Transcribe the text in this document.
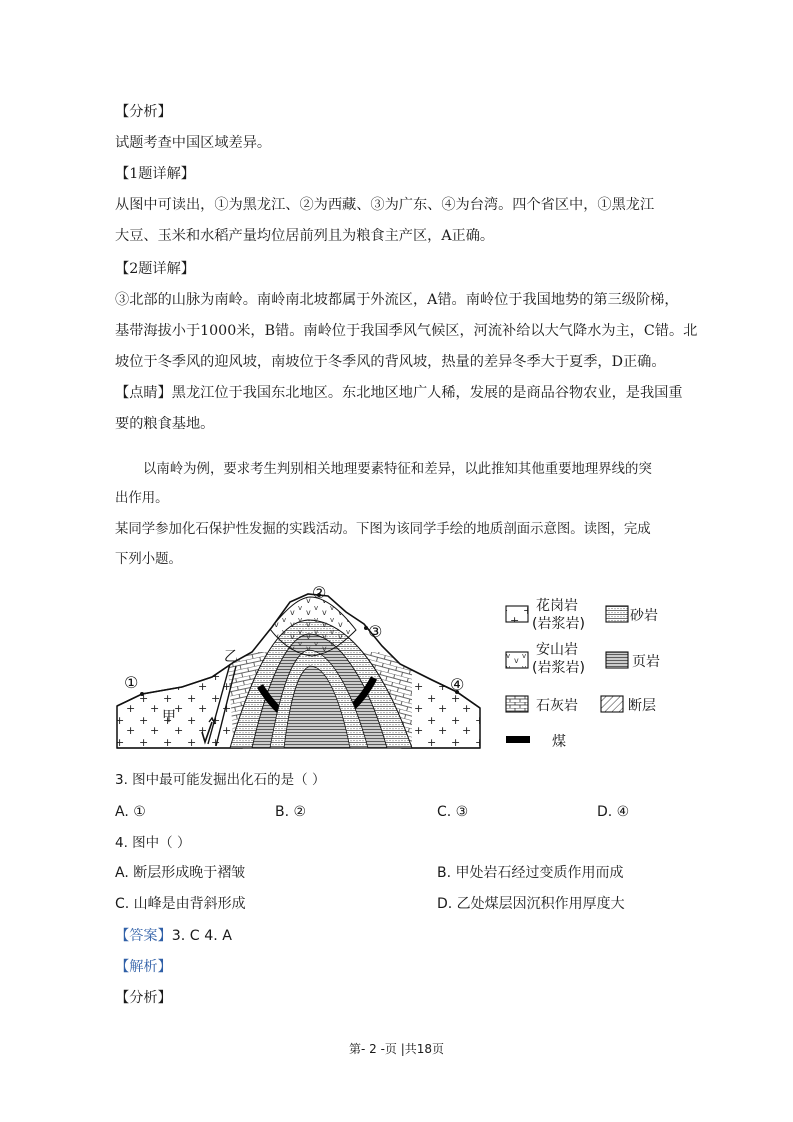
【分析】
试题考查中国区域差异。
【1题详解】
从图中可读出，①为黑龙江、②为西藏、③为广东、④为台湾。四个省区中，①黑龙江
大豆、玉米和水稻产量均位居前列且为粮食主产区，A正确。
【2题详解】
③北部的山脉为南岭。南岭南北坡都属于外流区，A错。南岭位于我国地势的第三级阶梯，
基带海拔小于1000米，B错。南岭位于我国季风气候区，河流补给以大气降水为主，C错。北
坡位于冬季风的迎风坡，南坡位于冬季风的背风坡，热量的差异冬季大于夏季，D正确。
【点睛】黑龙江位于我国东北地区。东北地区地广人稀，发展的是商品谷物农业，是我国重
要的粮食基地。
以南岭为例，要求考生判别相关地理要素特征和差异，以此推知其他重要地理界线的突
出作用。
某同学参加化石保护性发掘的实践活动。下图为该同学手绘的地质剖面示意图。读图，完成
下列小题。
①
②
③
④
甲
乙
花岗岩
(岩浆岩)	砂岩
安山岩
(岩浆岩)	页岩
石灰岩	断层
煤
3. 图中最可能发掘出化石的是（ ）
A. ①	B. ②	C. ③	D. ④
4. 图中（ ）
A. 断层形成晚于褶皱	B. 甲处岩石经过变质作用而成
C. 山峰是由背斜形成	D. 乙处煤层因沉积作用厚度大
【答案】3. C 4. A
【解析】
【分析】
第- 2 -页 |共18页
